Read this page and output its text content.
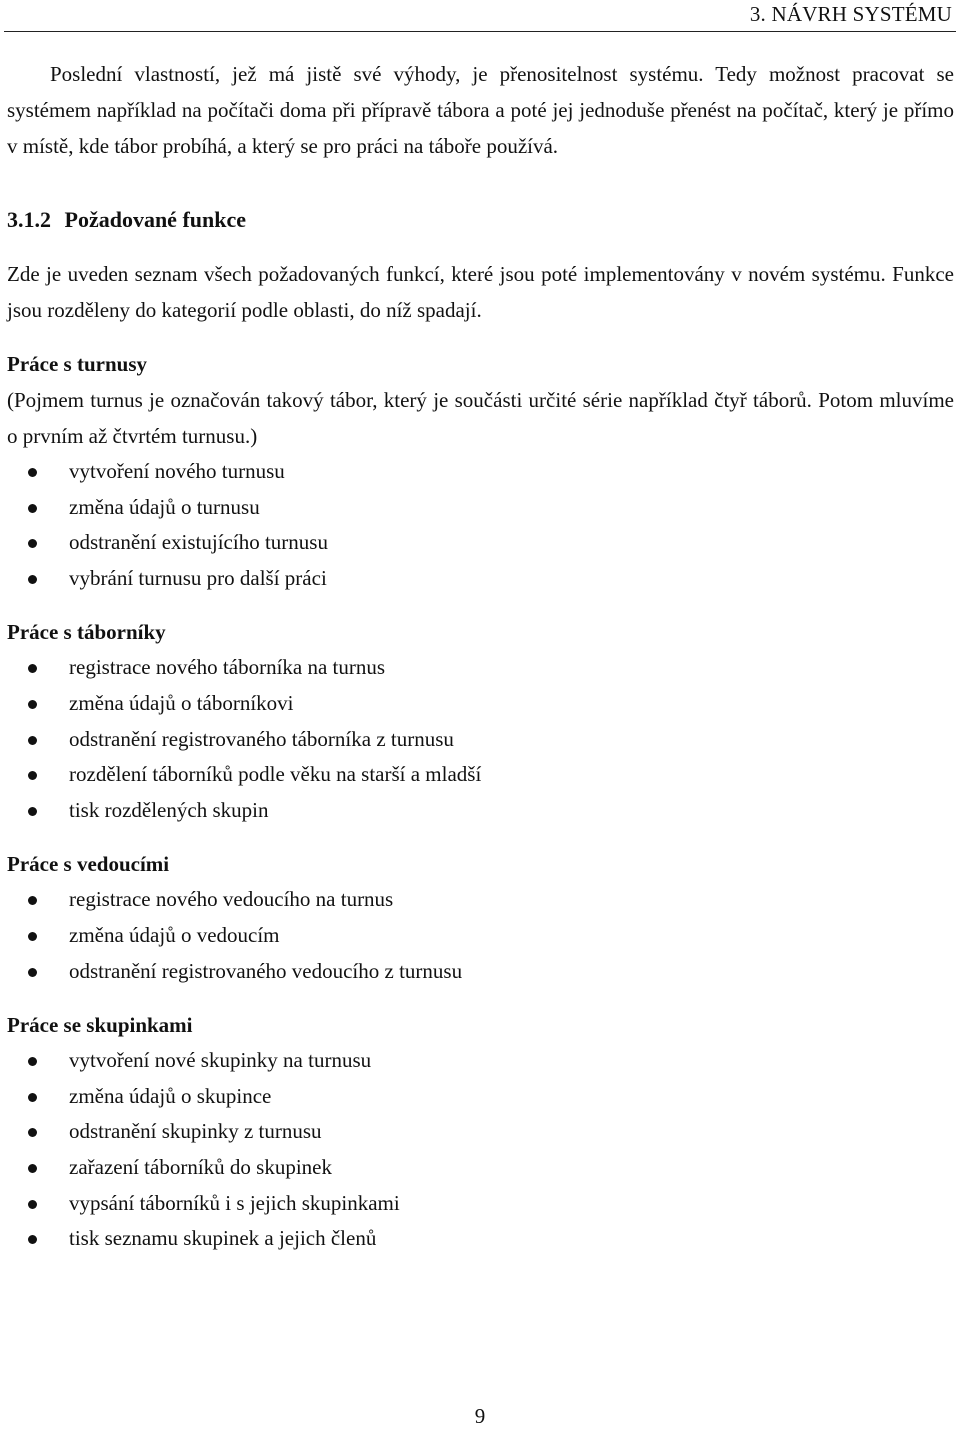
3. NÁVRH SYSTÉMU

Poslední vlastností, jež má jistě své výhody, je přenositelnost systému. Tedy možnost pracovat se systémem například na počítači doma při přípravě tábora a poté jej jednoduše přenést na počítač, který je přímo v místě, kde tábor probíhá, a který se pro práci na táboře používá.

3.1.2 Požadované funkce

Zde je uveden seznam všech požadovaných funkcí, které jsou poté implementovány v novém systému. Funkce jsou rozděleny do kategorií podle oblasti, do níž spadají.

Práce s turnusy

(Pojmem turnus je označován takový tábor, který je součásti určité série například čtyř táborů. Potom mluvíme o prvním až čtvrtém turnusu.)

vytvoření nového turnusu
změna údajů o turnusu
odstranění existujícího turnusu
vybrání turnusu pro další práci
Práce s táborníky
registrace nového táborníka na turnus
změna údajů o táborníkovi
odstranění registrovaného táborníka z turnusu
rozdělení táborníků podle věku na starší a mladší
tisk rozdělených skupin
Práce s vedoucími
registrace nového vedoucího na turnus
změna údajů o vedoucím
odstranění registrovaného vedoucího z turnusu
Práce se skupinkami
vytvoření nové skupinky na turnusu
změna údajů o skupince
odstranění skupinky z turnusu
zařazení táborníků do skupinek
vypsání táborníků i s jejich skupinkami
tisk seznamu skupinek a jejich členů
9
